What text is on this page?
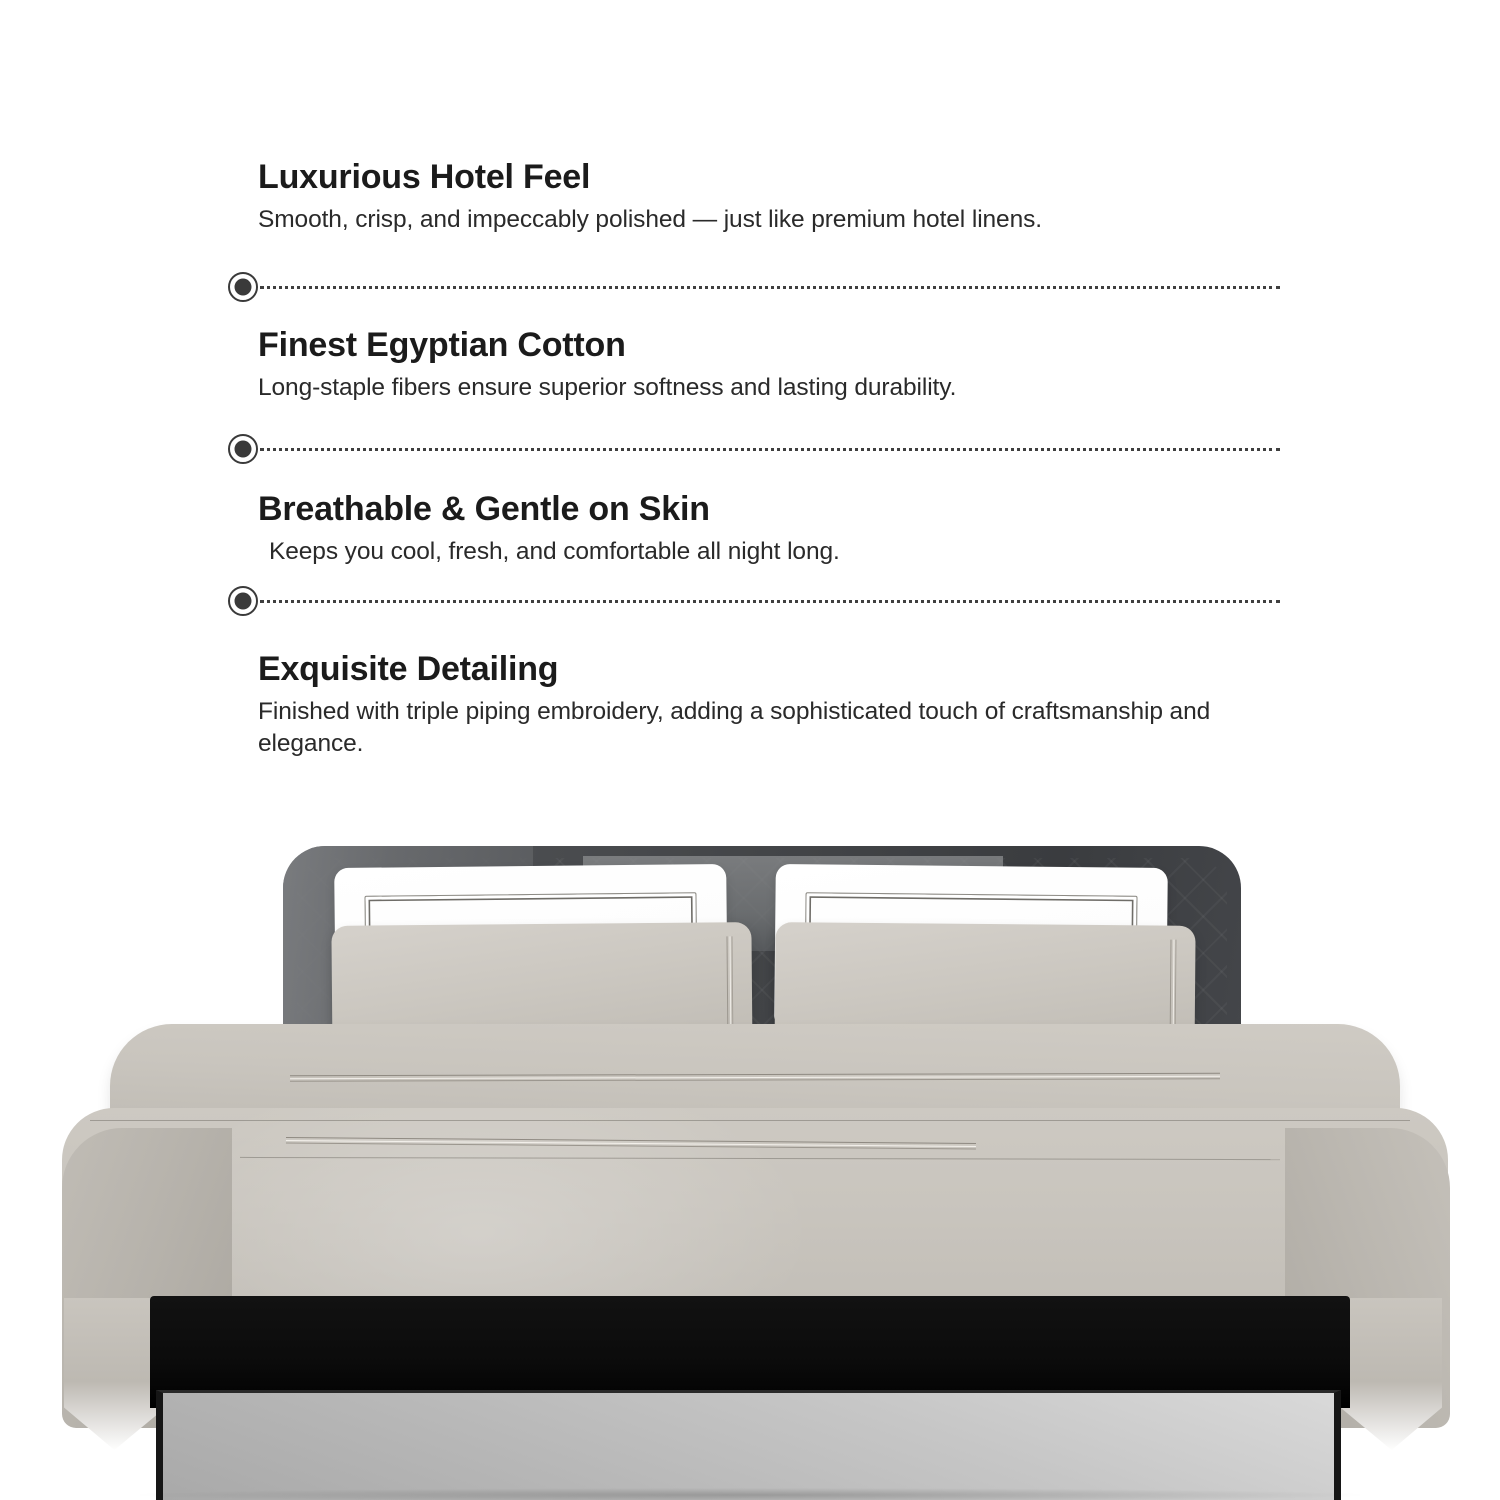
Luxurious Hotel Feel
Smooth, crisp, and impeccably polished — just like premium hotel linens.
Finest Egyptian Cotton
Long-staple fibers ensure superior softness and lasting durability.
Breathable & Gentle on Skin
Keeps you cool, fresh, and comfortable all night long.
Exquisite Detailing
Finished with triple piping embroidery, adding a sophisticated touch of craftsmanship and elegance.
